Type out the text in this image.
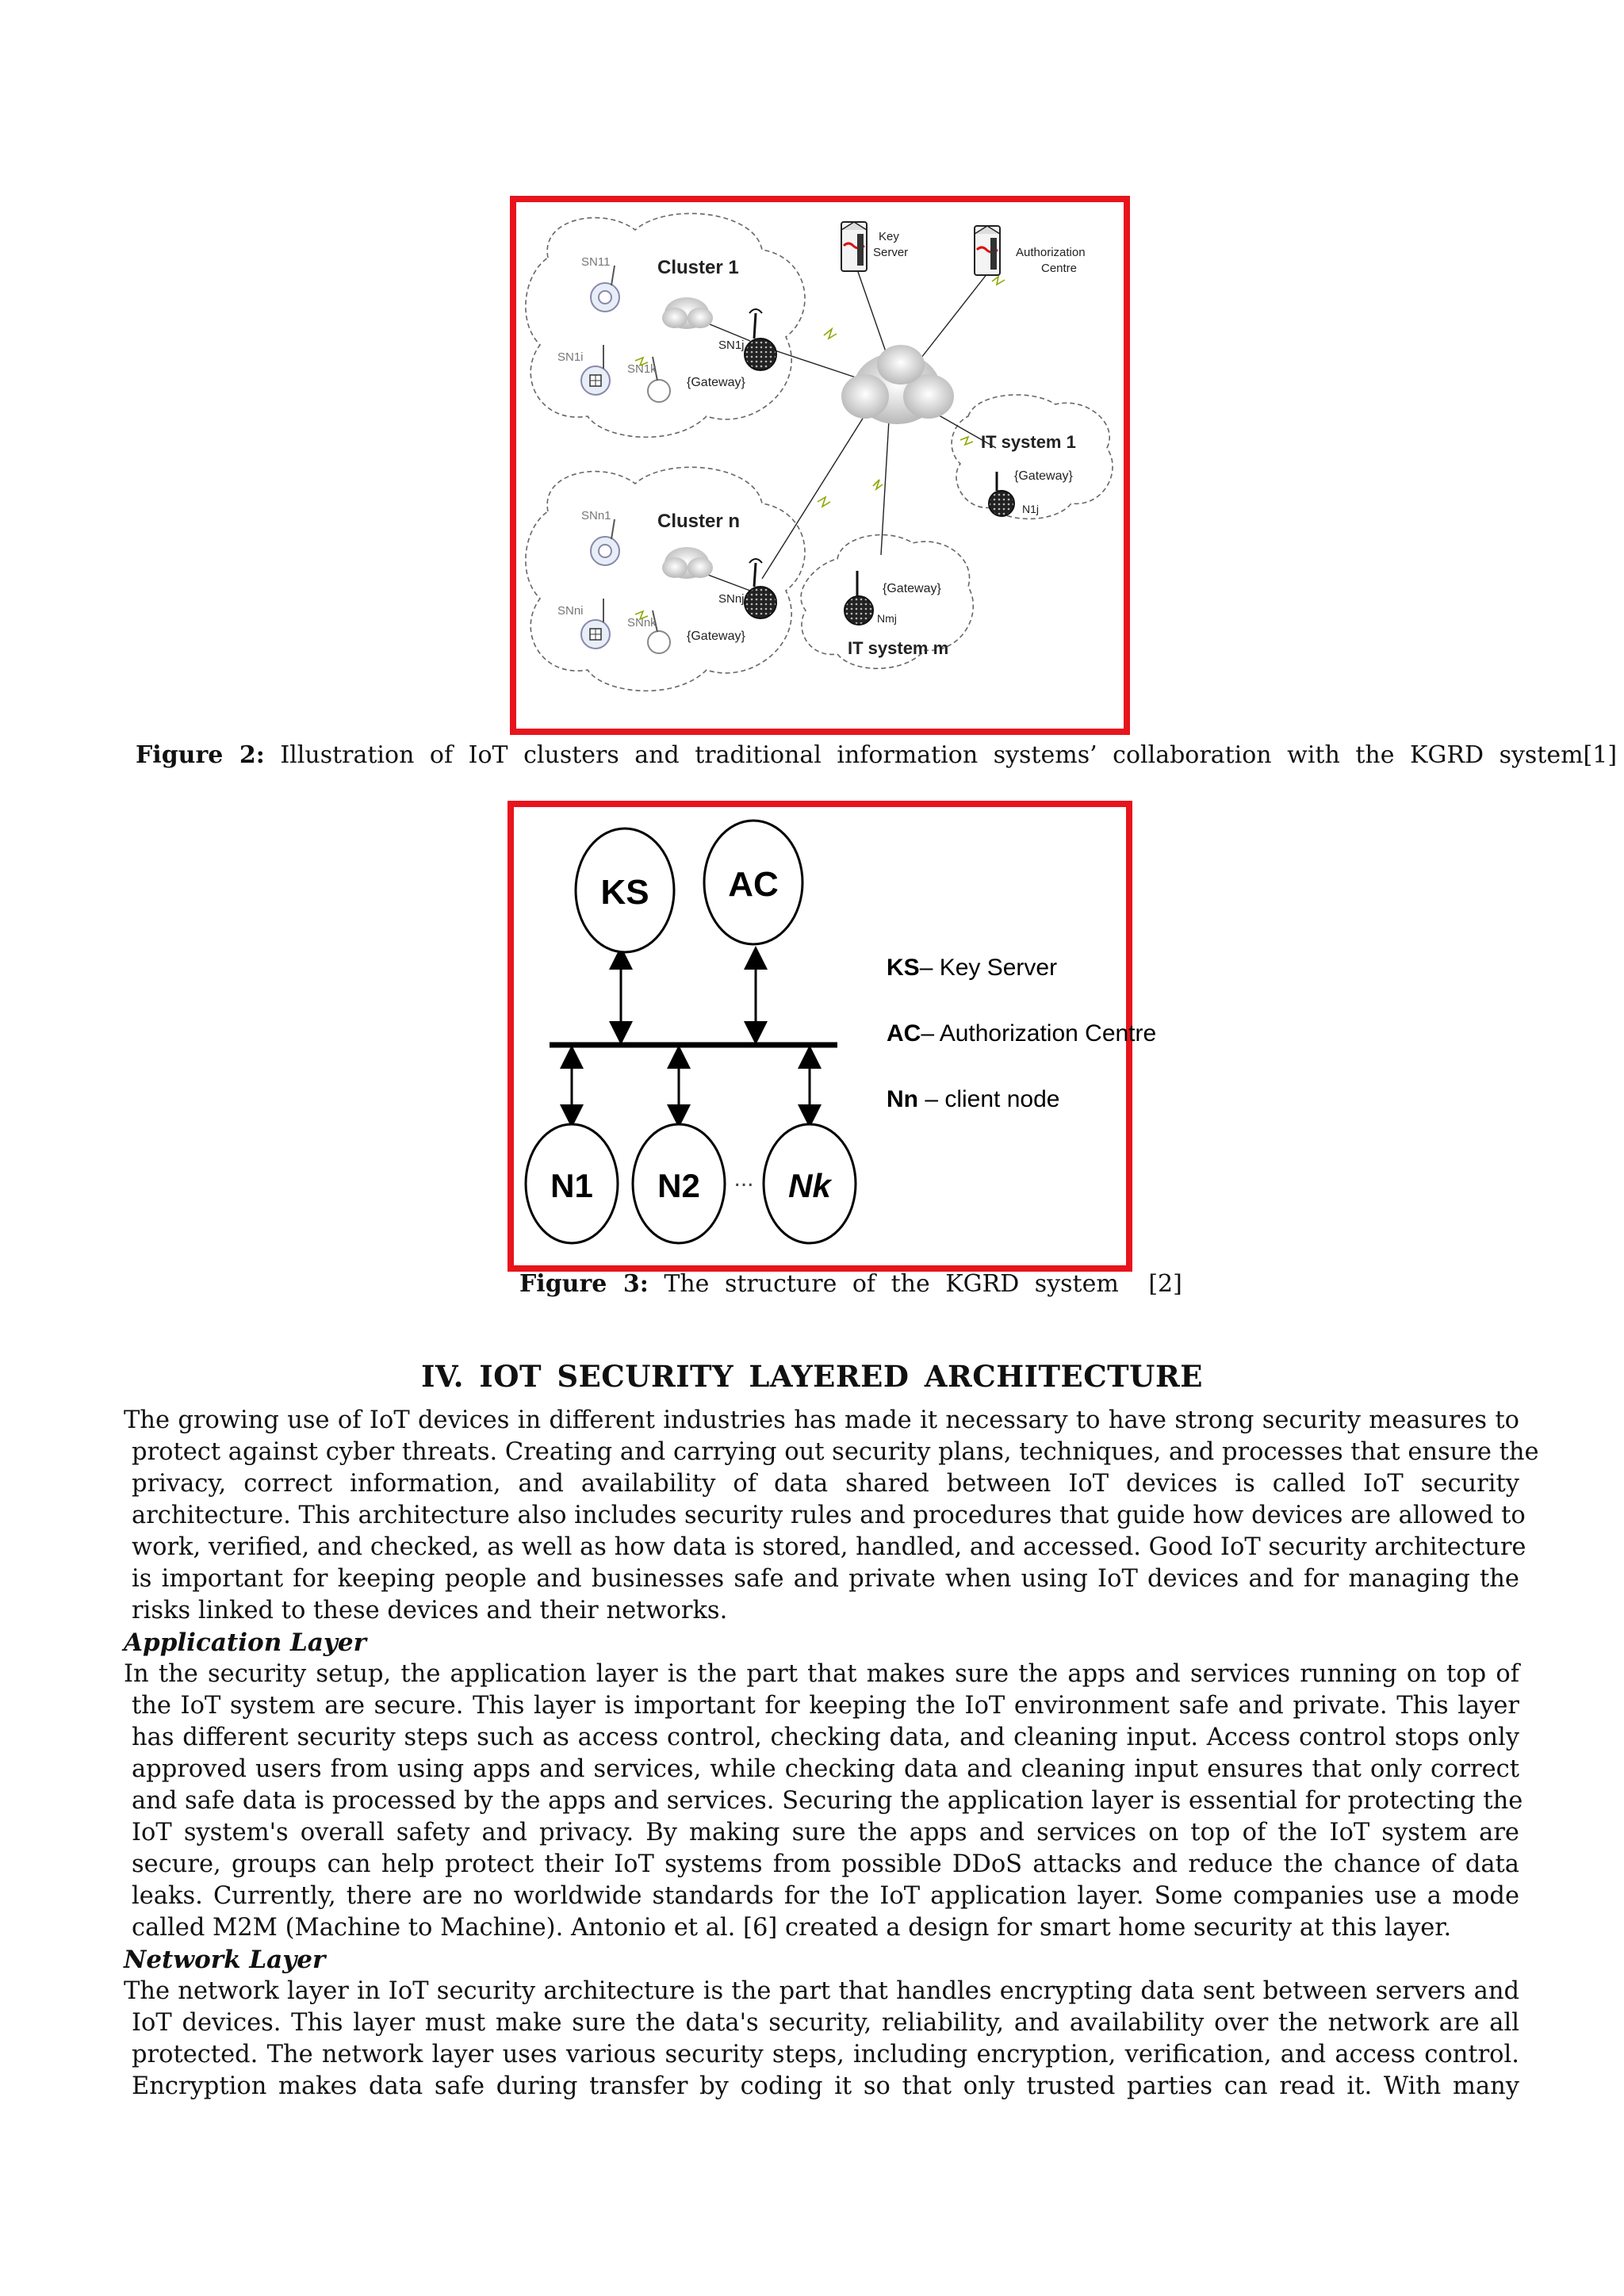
Key
Server	Authorization
Centre
Cluster 1
SN11
SN1i
SN1k
SN1j
{Gateway}
Cluster n
SNn1
SNni
SNnk
SNnj
{Gateway}
IT system 1
{Gateway}
N1j
{Gateway}
Nmj
IT system m
Figure 2: Illustration of IoT clusters and traditional information systems’ collaboration with the KGRD system[1]
KS AC
N1 N2 ... Nk
KS– Key Server
AC– Authorization Centre
Nn – client node
Figure 3: The structure of the KGRD system [2]
IV. IOT SECURITY LAYERED ARCHITECTURE
The growing use of IoT devices in different industries has made it necessary to have strong security measures to
protect against cyber threats. Creating and carrying out security plans, techniques, and processes that ensure the
privacy, correct information, and availability of data shared between IoT devices is called IoT security
architecture. This architecture also includes security rules and procedures that guide how devices are allowed to
work, verified, and checked, as well as how data is stored, handled, and accessed. Good IoT security architecture
is important for keeping people and businesses safe and private when using IoT devices and for managing the
risks linked to these devices and their networks.
Application Layer
In the security setup, the application layer is the part that makes sure the apps and services running on top of
the IoT system are secure. This layer is important for keeping the IoT environment safe and private. This layer
has different security steps such as access control, checking data, and cleaning input. Access control stops only
approved users from using apps and services, while checking data and cleaning input ensures that only correct
and safe data is processed by the apps and services. Securing the application layer is essential for protecting the
IoT system's overall safety and privacy. By making sure the apps and services on top of the IoT system are
secure, groups can help protect their IoT systems from possible DDoS attacks and reduce the chance of data
leaks. Currently, there are no worldwide standards for the IoT application layer. Some companies use a mode
called M2M (Machine to Machine). Antonio et al. [6] created a design for smart home security at this layer.
Network Layer
The network layer in IoT security architecture is the part that handles encrypting data sent between servers and
IoT devices. This layer must make sure the data's security, reliability, and availability over the network are all
protected. The network layer uses various security steps, including encryption, verification, and access control.
Encryption makes data safe during transfer by coding it so that only trusted parties can read it. With many
